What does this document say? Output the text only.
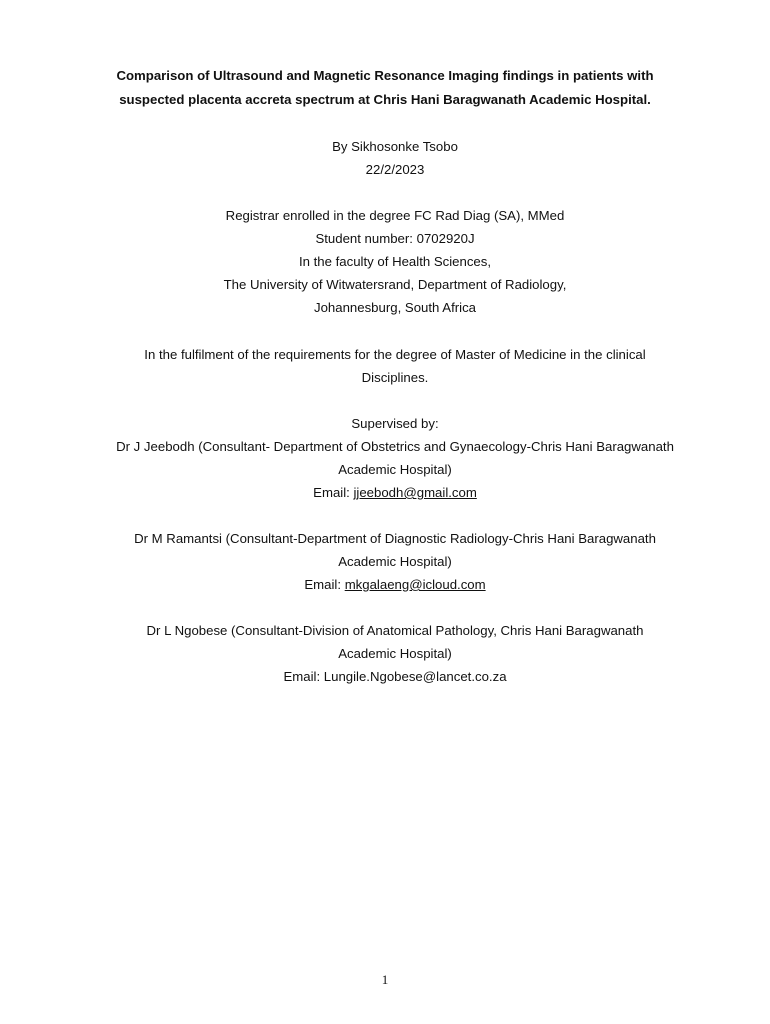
Comparison of Ultrasound and Magnetic Resonance Imaging findings in patients with
suspected placenta accreta spectrum at Chris Hani Baragwanath Academic Hospital.
By Sikhosonke Tsobo
22/2/2023
Registrar enrolled in the degree FC Rad Diag (SA), MMed
Student number: 0702920J
In the faculty of Health Sciences,
The University of Witwatersrand, Department of Radiology,
Johannesburg, South Africa
In the fulfilment of the requirements for the degree of Master of Medicine in the clinical
Disciplines.
Supervised by:
Dr J Jeebodh (Consultant- Department of Obstetrics and Gynaecology-Chris Hani Baragwanath
Academic Hospital)
Email: jjeebodh@gmail.com
Dr M Ramantsi (Consultant-Department of Diagnostic Radiology-Chris Hani Baragwanath
Academic Hospital)
Email: mkgalaeng@icloud.com
Dr L Ngobese (Consultant-Division of Anatomical Pathology, Chris Hani Baragwanath
Academic Hospital)
Email: Lungile.Ngobese@lancet.co.za
1
